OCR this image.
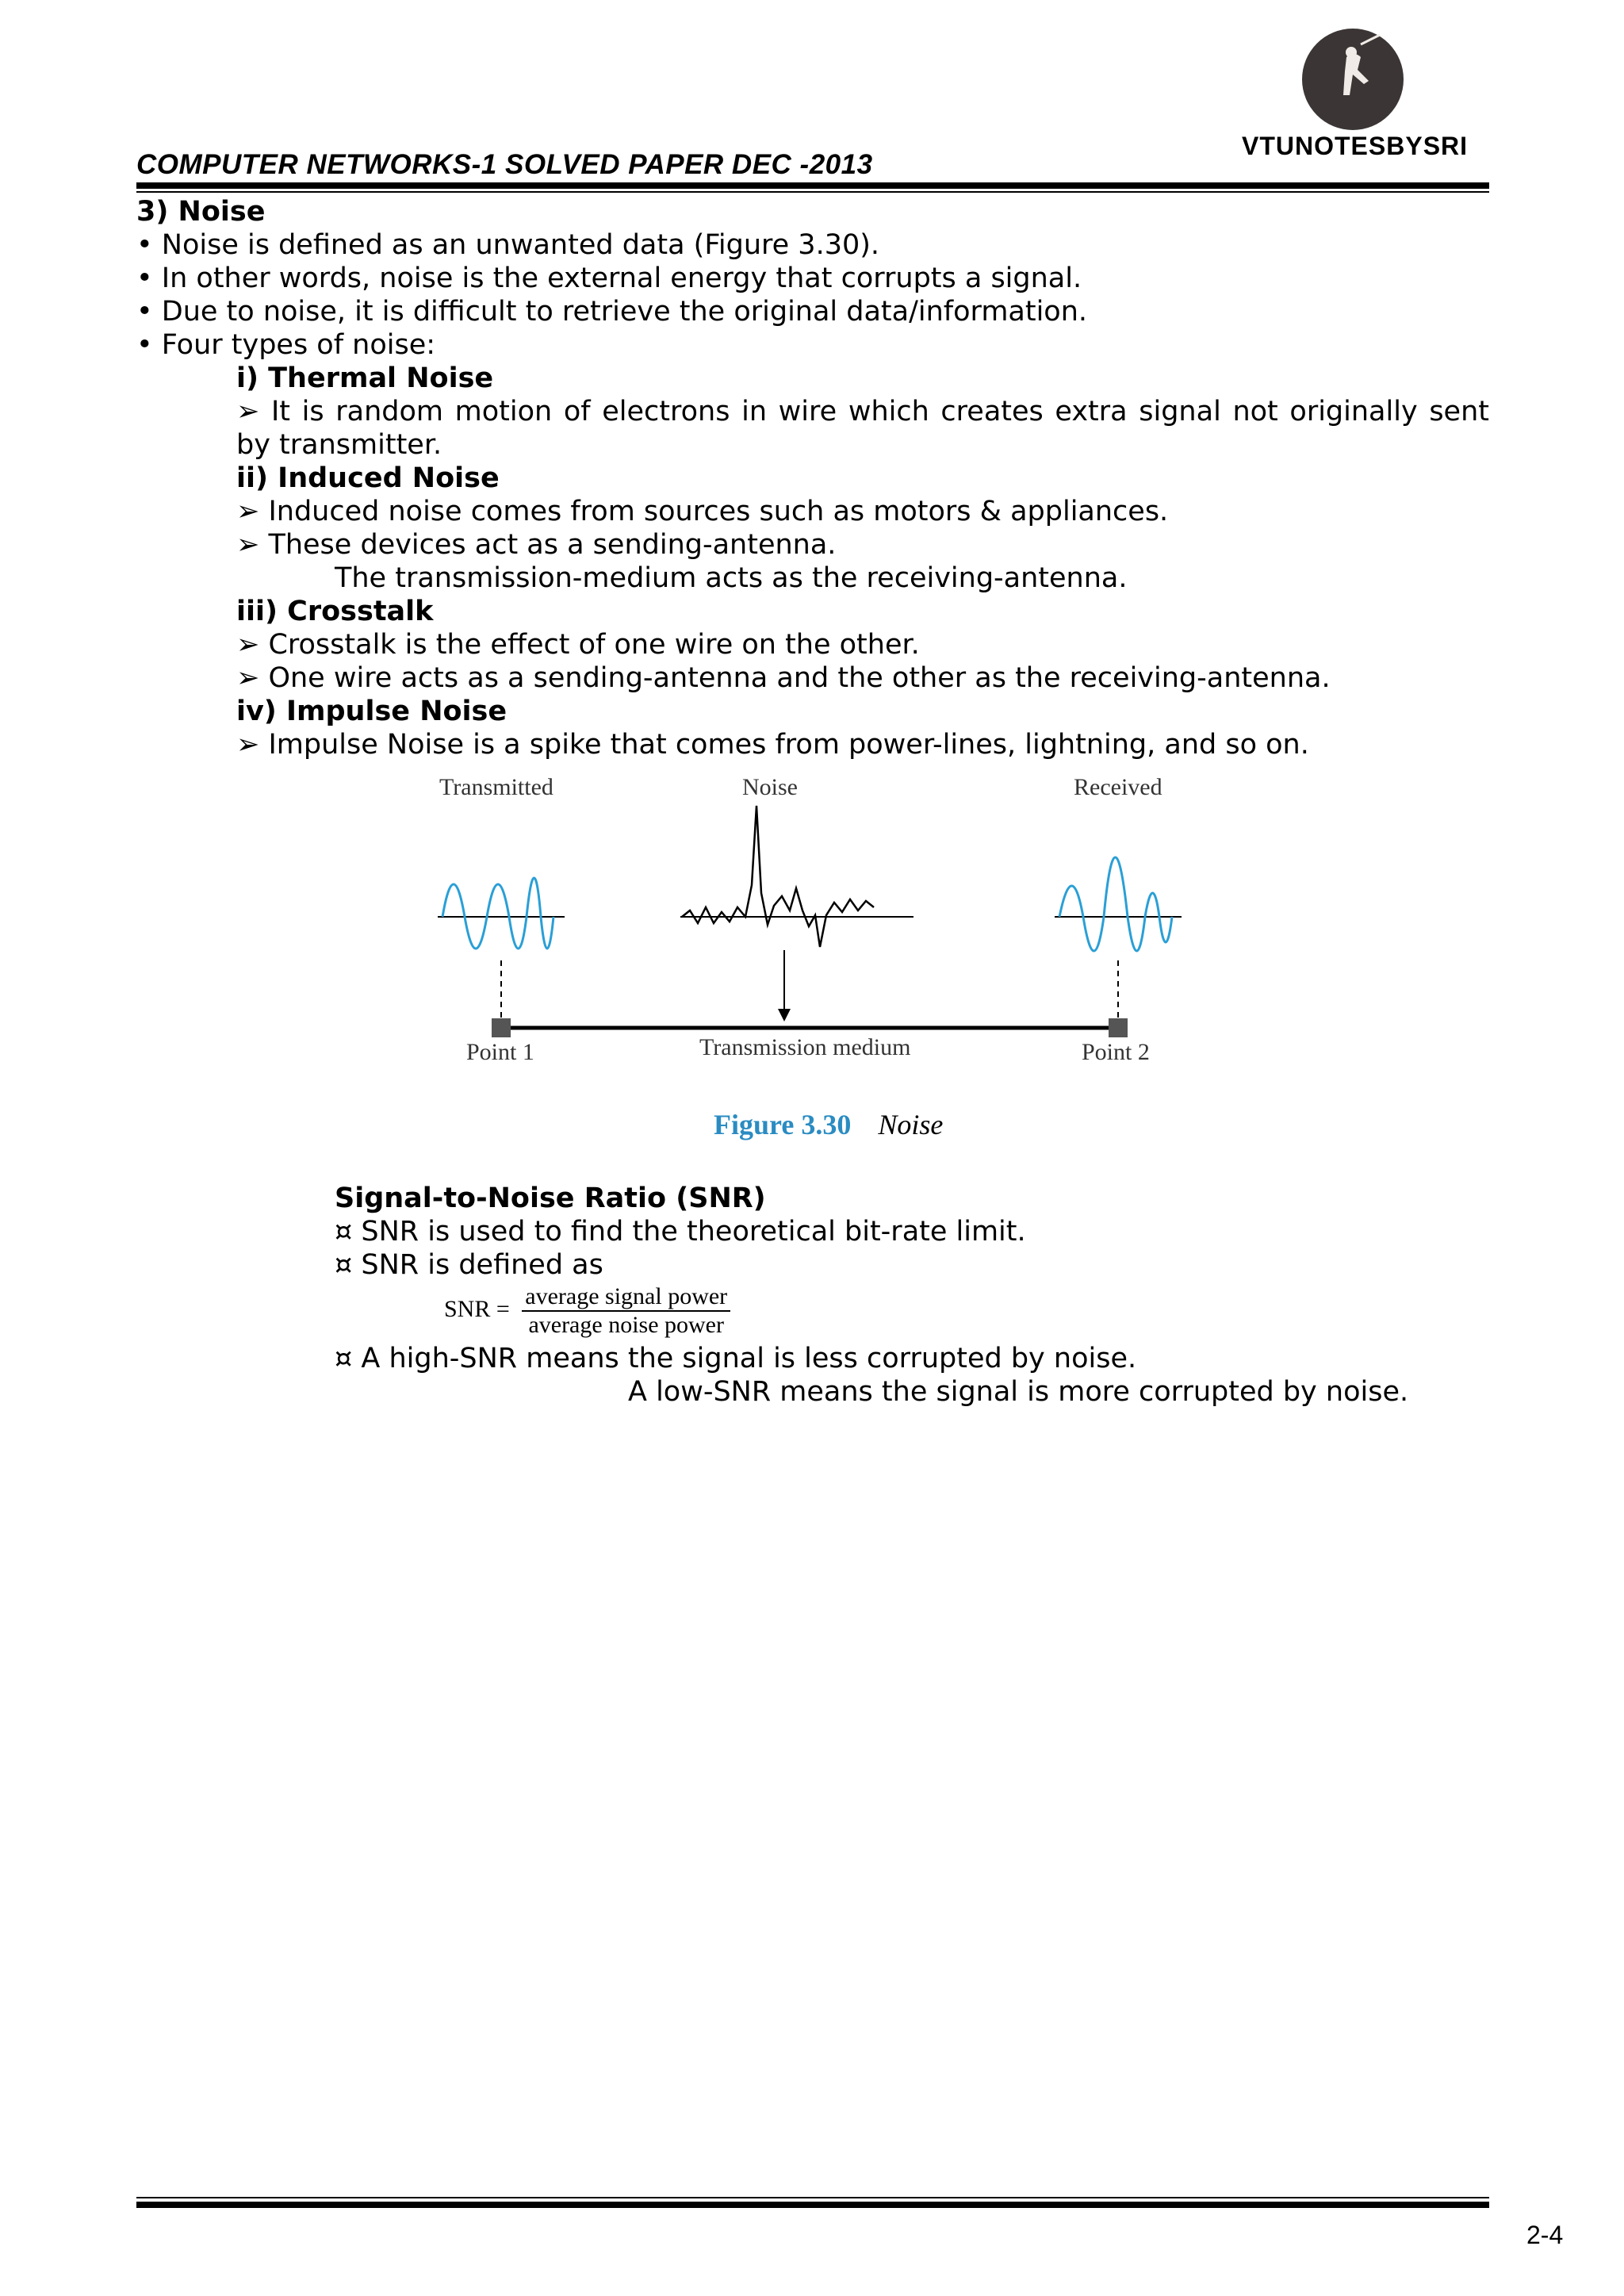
VTUNOTESBYSRI
COMPUTER NETWORKS-1 SOLVED PAPER DEC -2013
3) Noise
• Noise is defined as an unwanted data (Figure 3.30).
• In other words, noise is the external energy that corrupts a signal.
• Due to noise, it is difficult to retrieve the original data/information.
• Four types of noise:
i) Thermal Noise
➢ It is random motion of electrons in wire which creates extra signal not originally sent by transmitter.
ii) Induced Noise
➢ Induced noise comes from sources such as motors & appliances.
➢ These devices act as a sending-antenna.
The transmission-medium acts as the receiving-antenna.
iii) Crosstalk
➢ Crosstalk is the effect of one wire on the other.
➢ One wire acts as a sending-antenna and the other as the receiving-antenna.
iv) Impulse Noise
➢ Impulse Noise is a spike that comes from power-lines, lightning, and so on.
Transmitted	Noise	Received
Point 1	Transmission medium	Point 2
Figure 3.30 Noise
Signal-to-Noise Ratio (SNR)
¤ SNR is used to find the theoretical bit-rate limit.
¤ SNR is defined as
SNR = $\frac{\text{average signal power}}{\text{average noise power}}$
¤ A high-SNR means the signal is less corrupted by noise.
A low-SNR means the signal is more corrupted by noise.
2-4
